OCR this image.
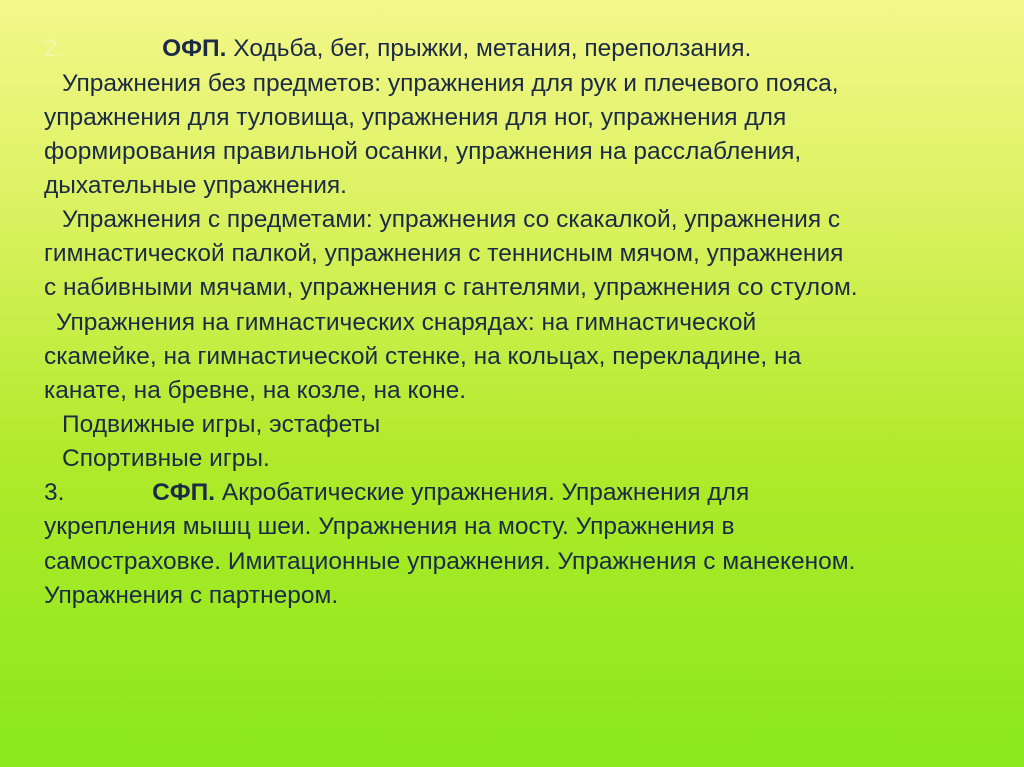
2.	ОФП. Ходьба, бег, прыжки, метания, переползания.
Упражнения без предметов: упражнения для рук и плечевого пояса,
упражнения для туловища, упражнения для ног, упражнения для
формирования правильной осанки, упражнения на расслабления,
дыхательные упражнения.
Упражнения с предметами: упражнения со скакалкой, упражнения с
гимнастической палкой, упражнения с теннисным мячом, упражнения
с набивными мячами, упражнения с гантелями, упражнения со стулом.
Упражнения на гимнастических снарядах: на гимнастической
скамейке, на гимнастической стенке, на кольцах, перекладине, на
канате, на бревне, на козле, на коне.
Подвижные игры, эстафеты
Спортивные игры.
3.	СФП. Акробатические упражнения. Упражнения для
укрепления мышц шеи. Упражнения на мосту. Упражнения в
самостраховке. Имитационные упражнения. Упражнения с манекеном.
Упражнения с партнером.
